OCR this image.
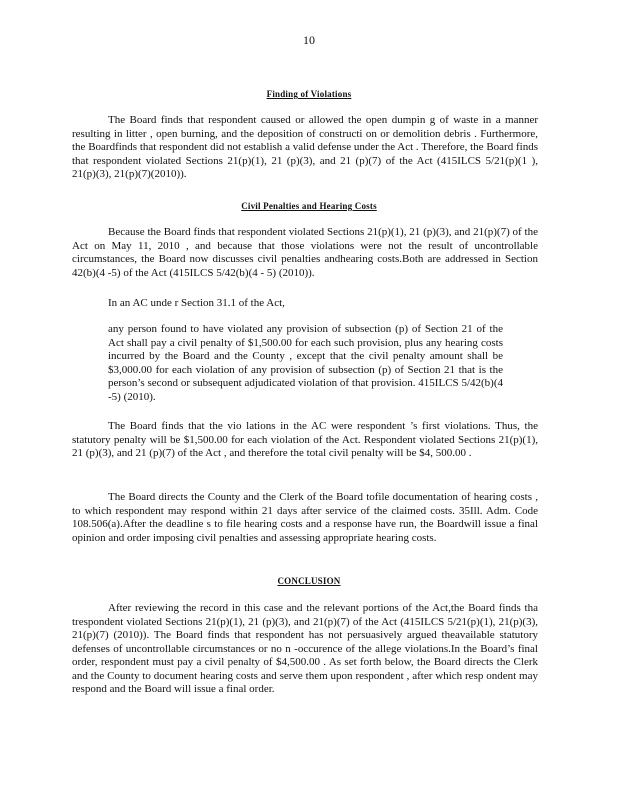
10
Finding of Violations
The Board finds that respondent caused or allowed the open dumpin g of waste in a manner resulting in litter , open burning, and the deposition of constructi on or demolition debris . Furthermore, the Boardfinds that respondent did not establish a valid defense under the Act . Therefore, the Board finds that respondent violated Sections 21(p)(1), 21 (p)(3), and 21 (p)(7) of the Act (415ILCS 5/21(p)(1 ), 21(p)(3), 21(p)(7)(2010)).
Civil Penalties and Hearing Costs
Because the Board finds that respondent violated Sections 21(p)(1), 21 (p)(3), and 21(p)(7) of the Act on May 11, 2010 , and because that those violations were not the result of uncontrollable circumstances, the Board now discusses civil penalties andhearing costs.Both are addressed in Section 42(b)(4 -5) of the Act (415ILCS 5/42(b)(4 - 5) (2010)).
In an AC unde r Section 31.1 of the Act,
any person found to have violated any provision of subsection (p) of Section 21 of the Act shall pay a civil penalty of $1,500.00 for each such provision, plus any hearing costs incurred by the Board and the County , except that the civil penalty amount shall be $3,000.00 for each violation of any provision of subsection (p) of Section 21 that is the person’s second or subsequent adjudicated violation of that provision. 415ILCS 5/42(b)(4 -5) (2010).
The Board finds that the vio lations in the AC were respondent ’s first violations. Thus, the statutory penalty will be $1,500.00 for each violation of the Act. Respondent violated Sections 21(p)(1), 21 (p)(3), and 21 (p)(7) of the Act , and therefore the total civil penalty will be $4, 500.00 .
The Board directs the County and the Clerk of the Board tofile documentation of hearing costs , to which respondent may respond within 21 days after service of the claimed costs. 35Ill. Adm. Code 108.506(a).After the deadline s to file hearing costs and a response have run, the Boardwill issue a final opinion and order imposing civil penalties and assessing appropriate hearing costs.
CONCLUSION
After reviewing the record in this case and the relevant portions of the Act,the Board finds tha trespondent violated Sections 21(p)(1), 21 (p)(3), and 21(p)(7) of the Act (415ILCS 5/21(p)(1), 21(p)(3), 21(p)(7) (2010)). The Board finds that respondent has not persuasively argued theavailable statutory defenses of uncontrollable circumstances or no n -occurence of the allege violations.In the Board’s final order, respondent must pay a civil penalty of $4,500.00 . As set forth below, the Board directs the Clerk and the County to document hearing costs and serve them upon respondent , after which resp ondent may respond and the Board will issue a final order.
